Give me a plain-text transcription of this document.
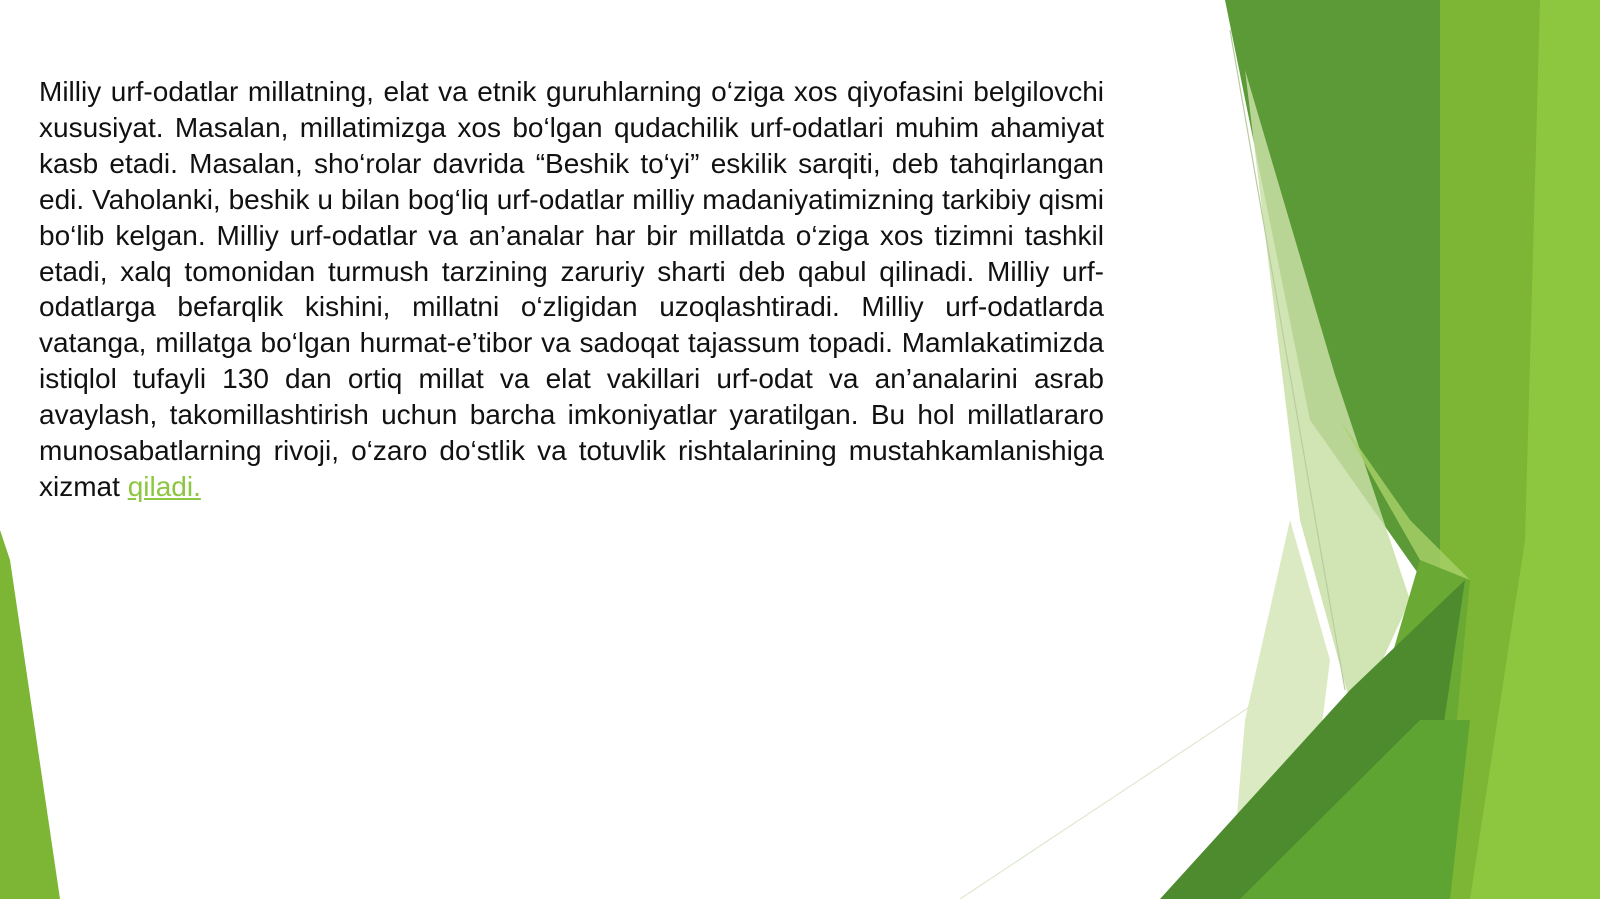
Milliy urf-odatlar millatning, elat va etnik guruhlarning o‘ziga xos qiyofasini belgilovchi xususiyat. Masalan, millatimizga xos bo‘lgan qudachilik urf-odatlari muhim ahamiyat kasb etadi. Masalan, sho‘rolar davrida “Beshik to‘yi” eskilik sarqiti, deb tahqirlangan edi. Vaholanki, beshik u bilan bog‘liq urf-odatlar milliy madaniyatimizning tarkibiy qismi bo‘lib kelgan. Milliy urf-odatlar va an’analar har bir millatda o‘ziga xos tizimni tashkil etadi, xalq tomonidan turmush tarzining zaruriy sharti deb qabul qilinadi. Milliy urf-odatlarga befarqlik kishini, millatni o‘zligidan uzoqlashtiradi. Milliy urf-odatlarda vatanga, millatga bo‘lgan hurmat-e’tibor va sadoqat tajassum topadi. Mamlakatimizda istiqlol tufayli 130 dan ortiq millat va elat vakillari urf-odat va an’analarini asrab avaylash, takomillashtirish uchun barcha imkoniyatlar yaratilgan. Bu hol millatlararo munosabatlarning rivoji, o‘zaro do‘stlik va totuvlik rishtalarining mustahkamlanishiga xizmat qiladi.
